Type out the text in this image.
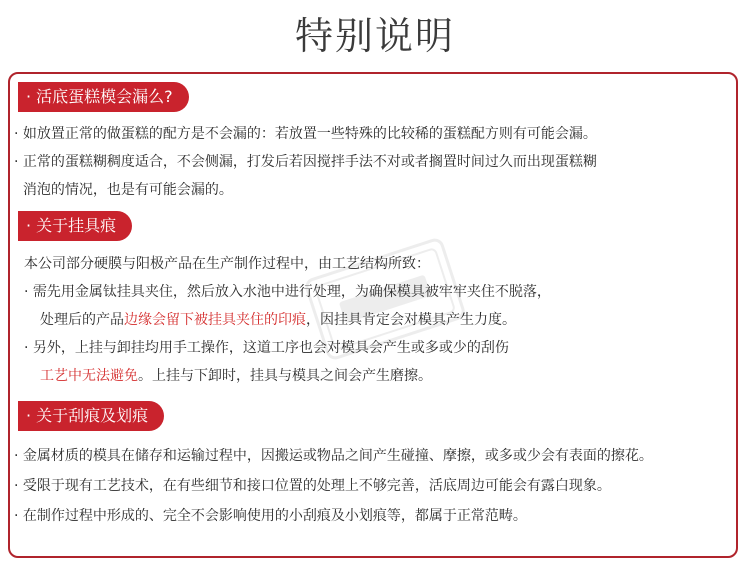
特别说明
· 活底蛋糕模会漏么?
· 如放置正常的做蛋糕的配方是不会漏的：若放置一些特殊的比较稀的蛋糕配方则有可能会漏。
· 正常的蛋糕糊稠度适合，不会侧漏，打发后若因搅拌手法不对或者搁置时间过久而出现蛋糕糊
消泡的情况，也是有可能会漏的。
· 关于挂具痕
本公司部分硬膜与阳极产品在生产制作过程中，由工艺结构所致：
· 需先用金属钛挂具夹住，然后放入水池中进行处理，为确保模具被牢牢夹住不脱落，
处理后的产品边缘会留下被挂具夹住的印痕，因挂具肯定会对模具产生力度。
· 另外，上挂与卸挂均用手工操作，这道工序也会对模具会产生或多或少的刮伤
工艺中无法避免。上挂与下卸时，挂具与模具之间会产生磨擦。
· 关于刮痕及划痕
· 金属材质的模具在储存和运输过程中，因搬运或物品之间产生碰撞、摩擦，或多或少会有表面的擦花。
· 受限于现有工艺技术，在有些细节和接口位置的处理上不够完善，活底周边可能会有露白现象。
· 在制作过程中形成的、完全不会影响使用的小刮痕及小划痕等，都属于正常范畴。
